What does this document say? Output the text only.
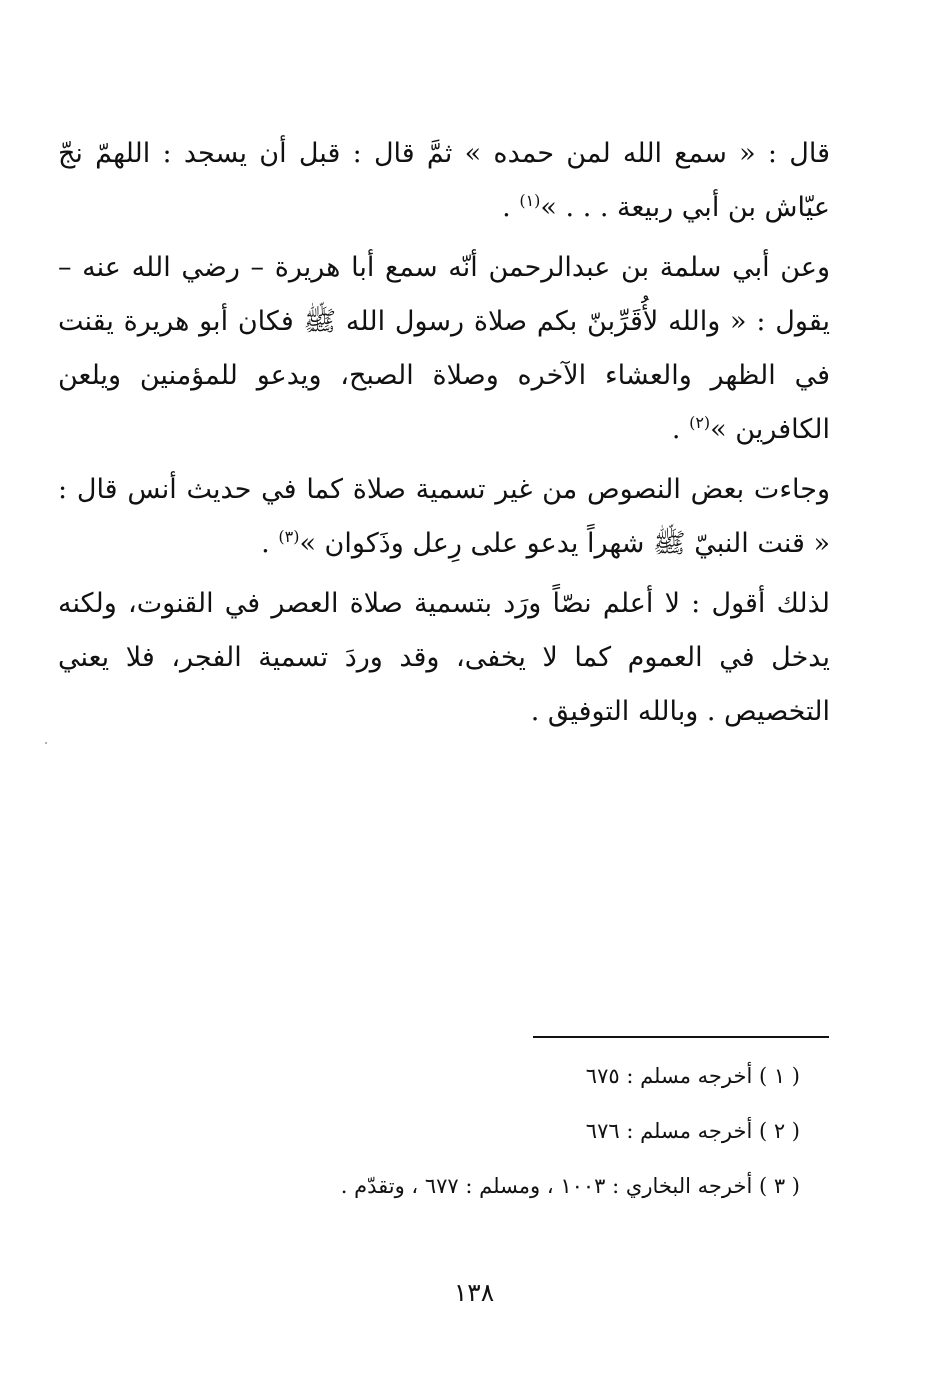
قال : « سمع الله لمن حمده » ثمَّ قال : قبل أن يسجد : اللهمّ نجّ عيّاش بن أبي ربيعة . . . »$^{(١)}$ .

وعن أبي سلمة بن عبدالرحمن أنّه سمع أبا هريرة – رضي الله عنه – يقول : « والله لأُقَرِّبنّ بكم صلاة رسول الله ﷺ فكان أبو هريرة يقنت في الظهر والعشاء الآخره وصلاة الصبح، ويدعو للمؤمنين ويلعن الكافرين »$^{(٢)}$ .

وجاءت بعض النصوص من غير تسمية صلاة كما في حديث أنس قال : « قنت النبيّ ﷺ شهراً يدعو على رِعل وذَكوان »$^{(٣)}$ .

لذلك أقول : لا أعلم نصّاً ورَد بتسمية صلاة العصر في القنوت، ولكنه يدخل في العموم كما لا يخفى، وقد وردَ تسمية الفجر، فلا يعني التخصيص . وبالله التوفيق .

( ١ ) أخرجه مسلم : ٦٧٥

( ٢ ) أخرجه مسلم : ٦٧٦

( ٣ ) أخرجه البخاري : ١٠٠٣ ، ومسلم : ٦٧٧ ، وتقدّم .

١٣٨
